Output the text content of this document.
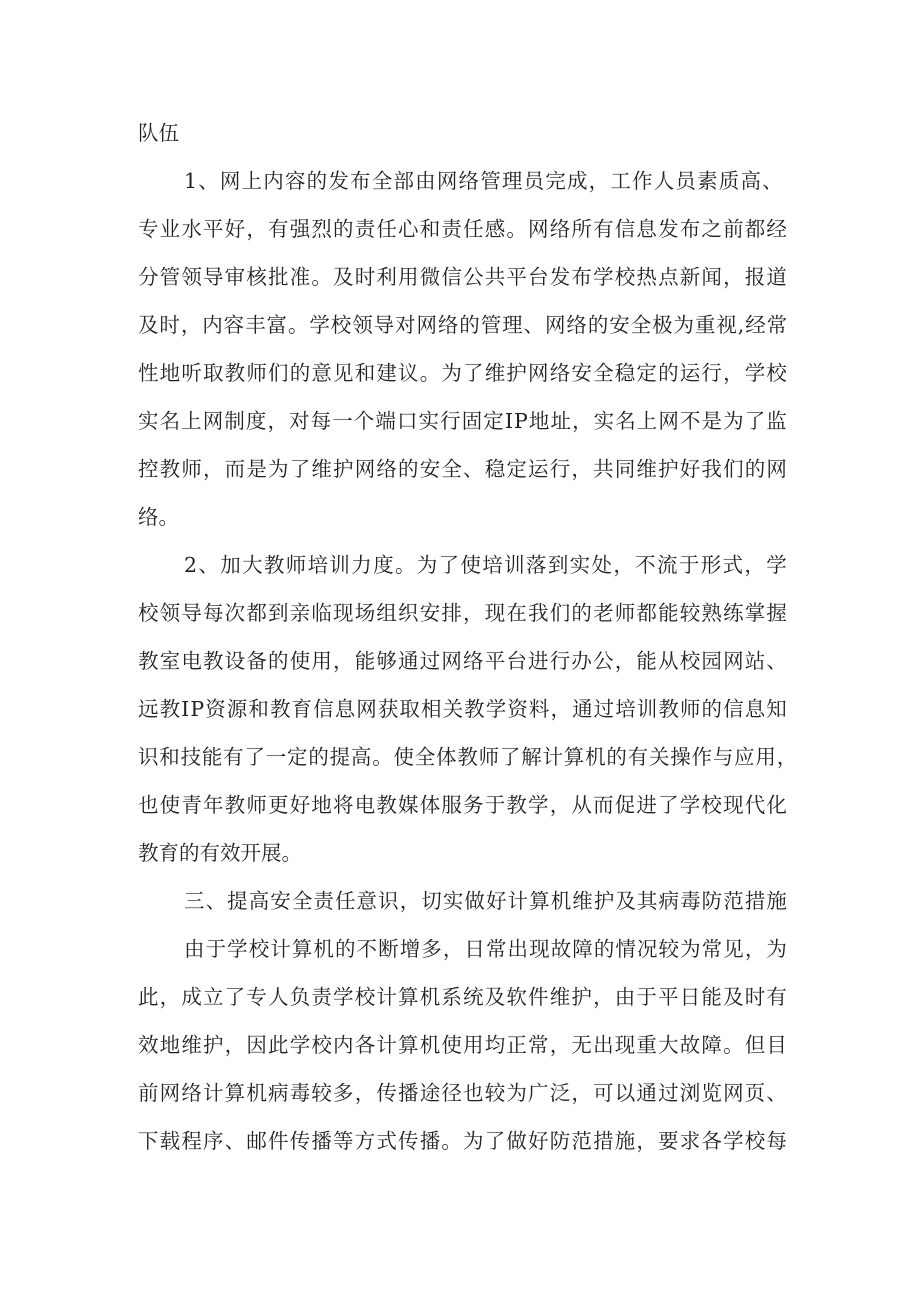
队伍
1、网上内容的发布全部由网络管理员完成，工作人员素质高、
专业水平好，有强烈的责任心和责任感。网络所有信息发布之前都经
分管领导审核批准。及时利用微信公共平台发布学校热点新闻，报道
及时，内容丰富。学校领导对网络的管理、网络的安全极为重视,经常
性地听取教师们的意见和建议。为了维护网络安全稳定的运行，学校
实名上网制度，对每一个端口实行固定IP地址，实名上网不是为了监
控教师，而是为了维护网络的安全、稳定运行，共同维护好我们的网
络。
2、加大教师培训力度。为了使培训落到实处，不流于形式，学
校领导每次都到亲临现场组织安排，现在我们的老师都能较熟练掌握
教室电教设备的使用，能够通过网络平台进行办公，能从校园网站、
远教IP资源和教育信息网获取相关教学资料，通过培训教师的信息知
识和技能有了一定的提高。使全体教师了解计算机的有关操作与应用，
也使青年教师更好地将电教媒体服务于教学，从而促进了学校现代化
教育的有效开展。
三、提高安全责任意识，切实做好计算机维护及其病毒防范措施
由于学校计算机的不断增多，日常出现故障的情况较为常见，为
此，成立了专人负责学校计算机系统及软件维护，由于平日能及时有
效地维护，因此学校内各计算机使用均正常，无出现重大故障。但目
前网络计算机病毒较多，传播途径也较为广泛，可以通过浏览网页、
下载程序、邮件传播等方式传播。为了做好防范措施，要求各学校每
